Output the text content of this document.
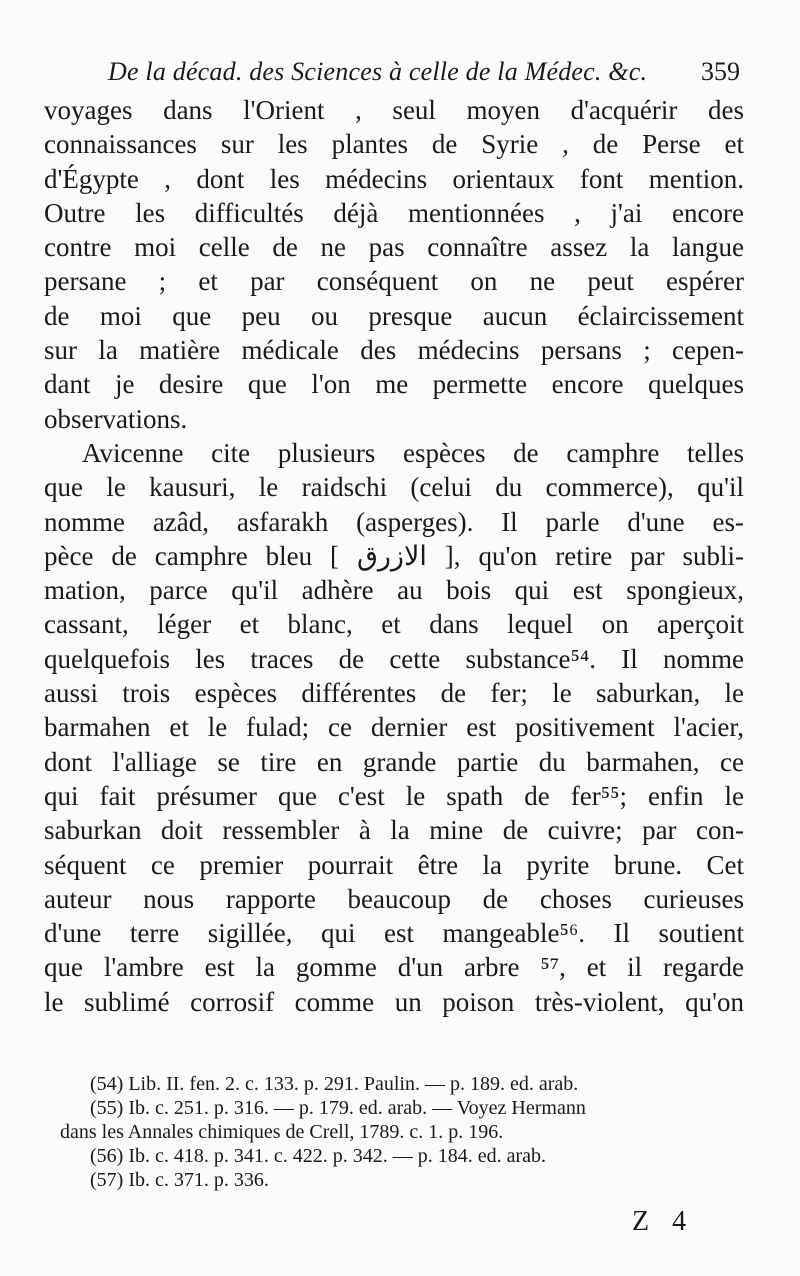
De la décad. des Sciences à celle de la Médec. &c. 359
voyages dans l'Orient , seul moyen d'acquérir des
connaissances sur les plantes de Syrie , de Perse et
d'Égypte , dont les médecins orientaux font mention.
Outre les difficultés déjà mentionnées , j'ai encore
contre moi celle de ne pas connaître assez la langue
persane ; et par conséquent on ne peut espérer
de moi que peu ou presque aucun éclaircissement
sur la matière médicale des médecins persans ; cepen-
dant je desire que l'on me permette encore quelques
observations.
Avicenne cite plusieurs espèces de camphre telles
que le kausuri, le raidschi (celui du commerce), qu'il
nomme azâd, asfarakh (asperges). Il parle d'une es-
pèce de camphre bleu [ الازرق ], qu'on retire par subli-
mation, parce qu'il adhère au bois qui est spongieux,
cassant, léger et blanc, et dans lequel on aperçoit
quelquefois les traces de cette substance⁵⁴. Il nomme
aussi trois espèces différentes de fer; le saburkan, le
barmahen et le fulad; ce dernier est positivement l'acier,
dont l'alliage se tire en grande partie du barmahen, ce
qui fait présumer que c'est le spath de fer⁵⁵; enfin le
saburkan doit ressembler à la mine de cuivre; par con-
séquent ce premier pourrait être la pyrite brune. Cet
auteur nous rapporte beaucoup de choses curieuses
d'une terre sigillée, qui est mangeable⁵⁶. Il soutient
que l'ambre est la gomme d'un arbre ⁵⁷, et il regarde
le sublimé corrosif comme un poison très-violent, qu'on
(54) Lib. II. fen. 2. c. 133. p. 291. Paulin. — p. 189. ed. arab.
(55) Ib. c. 251. p. 316. — p. 179. ed. arab. — Voyez Hermann
dans les Annales chimiques de Crell, 1789. c. 1. p. 196.
(56) Ib. c. 418. p. 341. c. 422. p. 342. — p. 184. ed. arab.
(57) Ib. c. 371. p. 336.
Z 4
